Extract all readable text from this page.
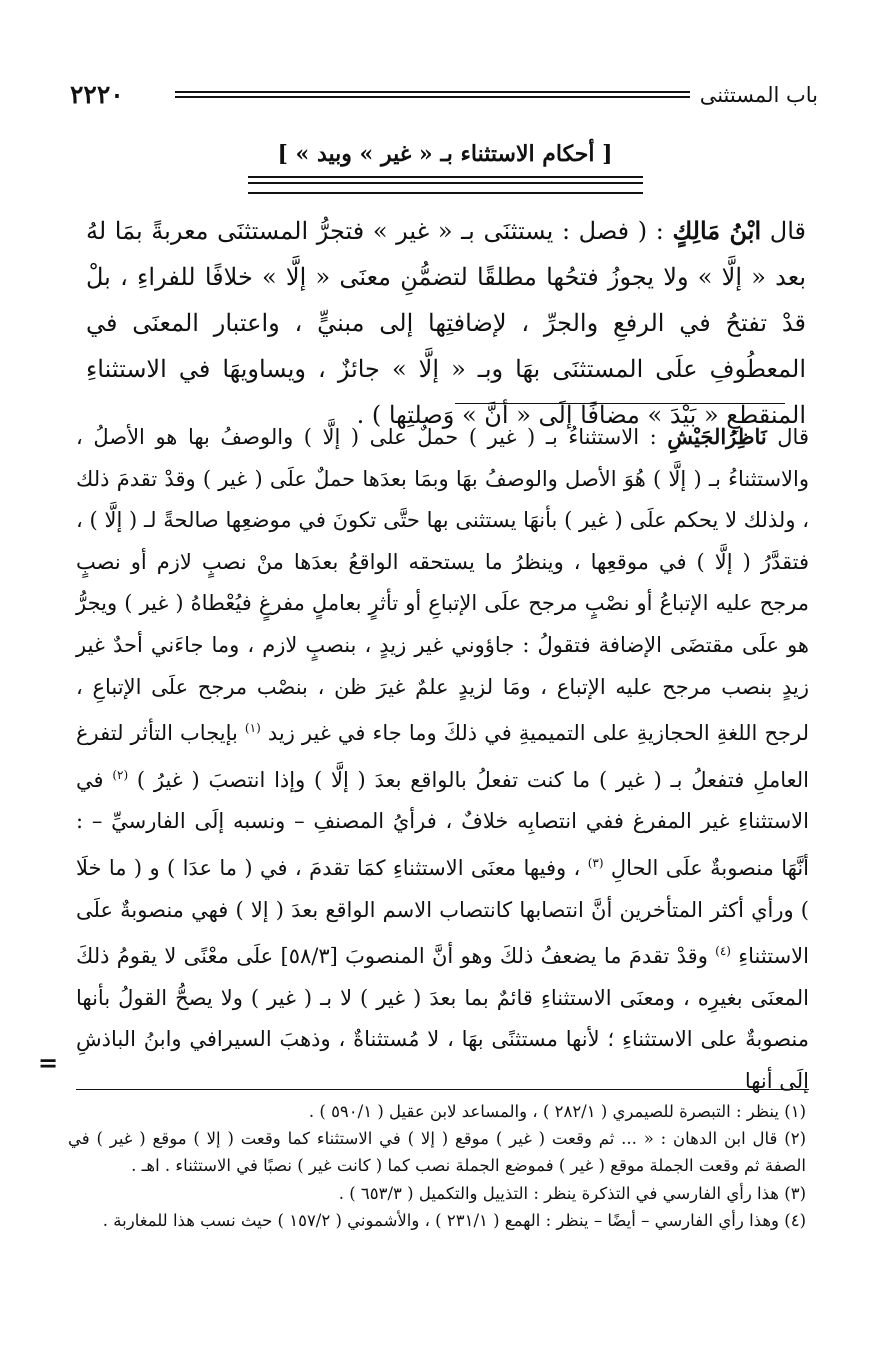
باب المستثنى
٢٢٢٠
[ أحكام الاستثناء بـ « غير » وبيد » ]
قال ابْنُ مَالِكٍ : ( فصل : يستثنَى بـ « غير » فتجرُّ المستثنَى معربةً بمَا لهُ بعد « إلَّا » ولا يجوزُ فتحُها مطلقًا لتضمُّنِ معنَى « إلَّا » خلافًا للفراءِ ، بلْ قدْ تفتحُ في الرفعِ والجرِّ ، لإضافتِها إلى مبنيٍّ ، واعتبار المعنَى في المعطُوفِ علَى المستثنَى بهَا وبـ « إلَّا » جائزٌ ، ويساويهَا في الاستثناءِ المنقطعِ « بَيْدَ » مضافًا إلَى « أنَّ » وَصلتِها ) .
قال نَاظِرُالجَيْشِ : الاستثناءُ بـ ( غير ) حملٌ على ( إلَّا ) والوصفُ بها هو الأصلُ ، والاستثناءُ بـ ( إلَّا ) هُوَ الأصل والوصفُ بهَا وبمَا بعدَها حملٌ علَى ( غير ) وقدْ تقدمَ ذلك ، ولذلك لا يحكم علَى ( غير ) بأنهَا يستثنى بها حتَّى تكونَ في موضعِها صالحةً لـ ( إلَّا ) ، فتقدَّرُ ( إلَّا ) في موقعِها ، وينظرُ ما يستحقه الواقعُ بعدَها منْ نصبٍ لازم أو نصبٍ مرجح عليه الإتباعُ أو نصْبٍ مرجح علَى الإتباعِ أو تأثرٍ بعاملٍ مفرغٍ فيُعْطاهُ ( غير ) ويجرُّ هو علَى مقتضَى الإضافة فتقولُ : جاؤوني غير زيدٍ ، بنصبٍ لازم ، وما جاءَني أحدٌ غير زيدٍ بنصب مرجح عليه الإتباع ، ومَا لزيدٍ علمٌ غيرَ ظن ، بنصْب مرجح علَى الإتباعِ ، لرجح اللغةِ الحجازيةِ على التميميةِ في ذلكَ وما جاء في غير زيد $^{(١)}$ بإيجاب التأثر لتفرغ العاملِ فتفعلُ بـ ( غير ) ما كنت تفعلُ بالواقع بعدَ ( إلَّا ) وإذا انتصبَ ( غيرُ ) $^{(٢)}$ في الاستثناءِ غير المفرغ ففي انتصابِه خلافٌ ، فرأيُ المصنفِ – ونسبه إلَى الفارسيِّ – : أنَّهَا منصوبةٌ علَى الحالِ $^{(٣)}$ ، وفيها معنَى الاستثناءِ كمَا تقدمَ ، في ( ما عدَا ) و ( ما خلَا ) ورأي أكثر المتأخرين أنَّ انتصابها كانتصاب الاسم الواقع بعدَ ( إلا ) فهي منصوبةٌ علَى الاستثناءِ $^{(٤)}$ وقدْ تقدمَ ما يضعفُ ذلكَ وهو أنَّ المنصوبَ [٥٨/٣] علَى معْنًى لا يقومُ ذلكَ المعنَى بغيرِه ، ومعنَى الاستثناءِ قائمٌ بما بعدَ ( غير ) لا بـ ( غير ) ولا يصحُّ القولُ بأنها منصوبةٌ على الاستثناءِ ؛ لأنها مستثنًى بهَا ، لا مُستثناةٌ ، وذهبَ السيرافي وابنُ الباذشِ إلَى أنها
=

(١) ينظر : التبصرة للصيمري ( ٢٨٢/١ ) ، والمساعد لابن عقيل ( ٥٩٠/١ ) .

(٢) قال ابن الدهان : « ... ثم وقعت ( غير ) موقع ( إلا ) في الاستثناء كما وقعت ( إلا ) موقع ( غير ) في الصفة ثم وقعت الجملة موقع ( غير ) فموضع الجملة نصب كما ( كانت غير ) نصبًا في الاستثناء . اهـ .

(٣) هذا رأي الفارسي في التذكرة ينظر : التذييل والتكميل ( ٦٥٣/٣ ) .

(٤) وهذا رأي الفارسي – أيضًا – ينظر : الهمع ( ٢٣١/١ ) ، والأشموني ( ١٥٧/٢ ) حيث نسب هذا للمغاربة .
